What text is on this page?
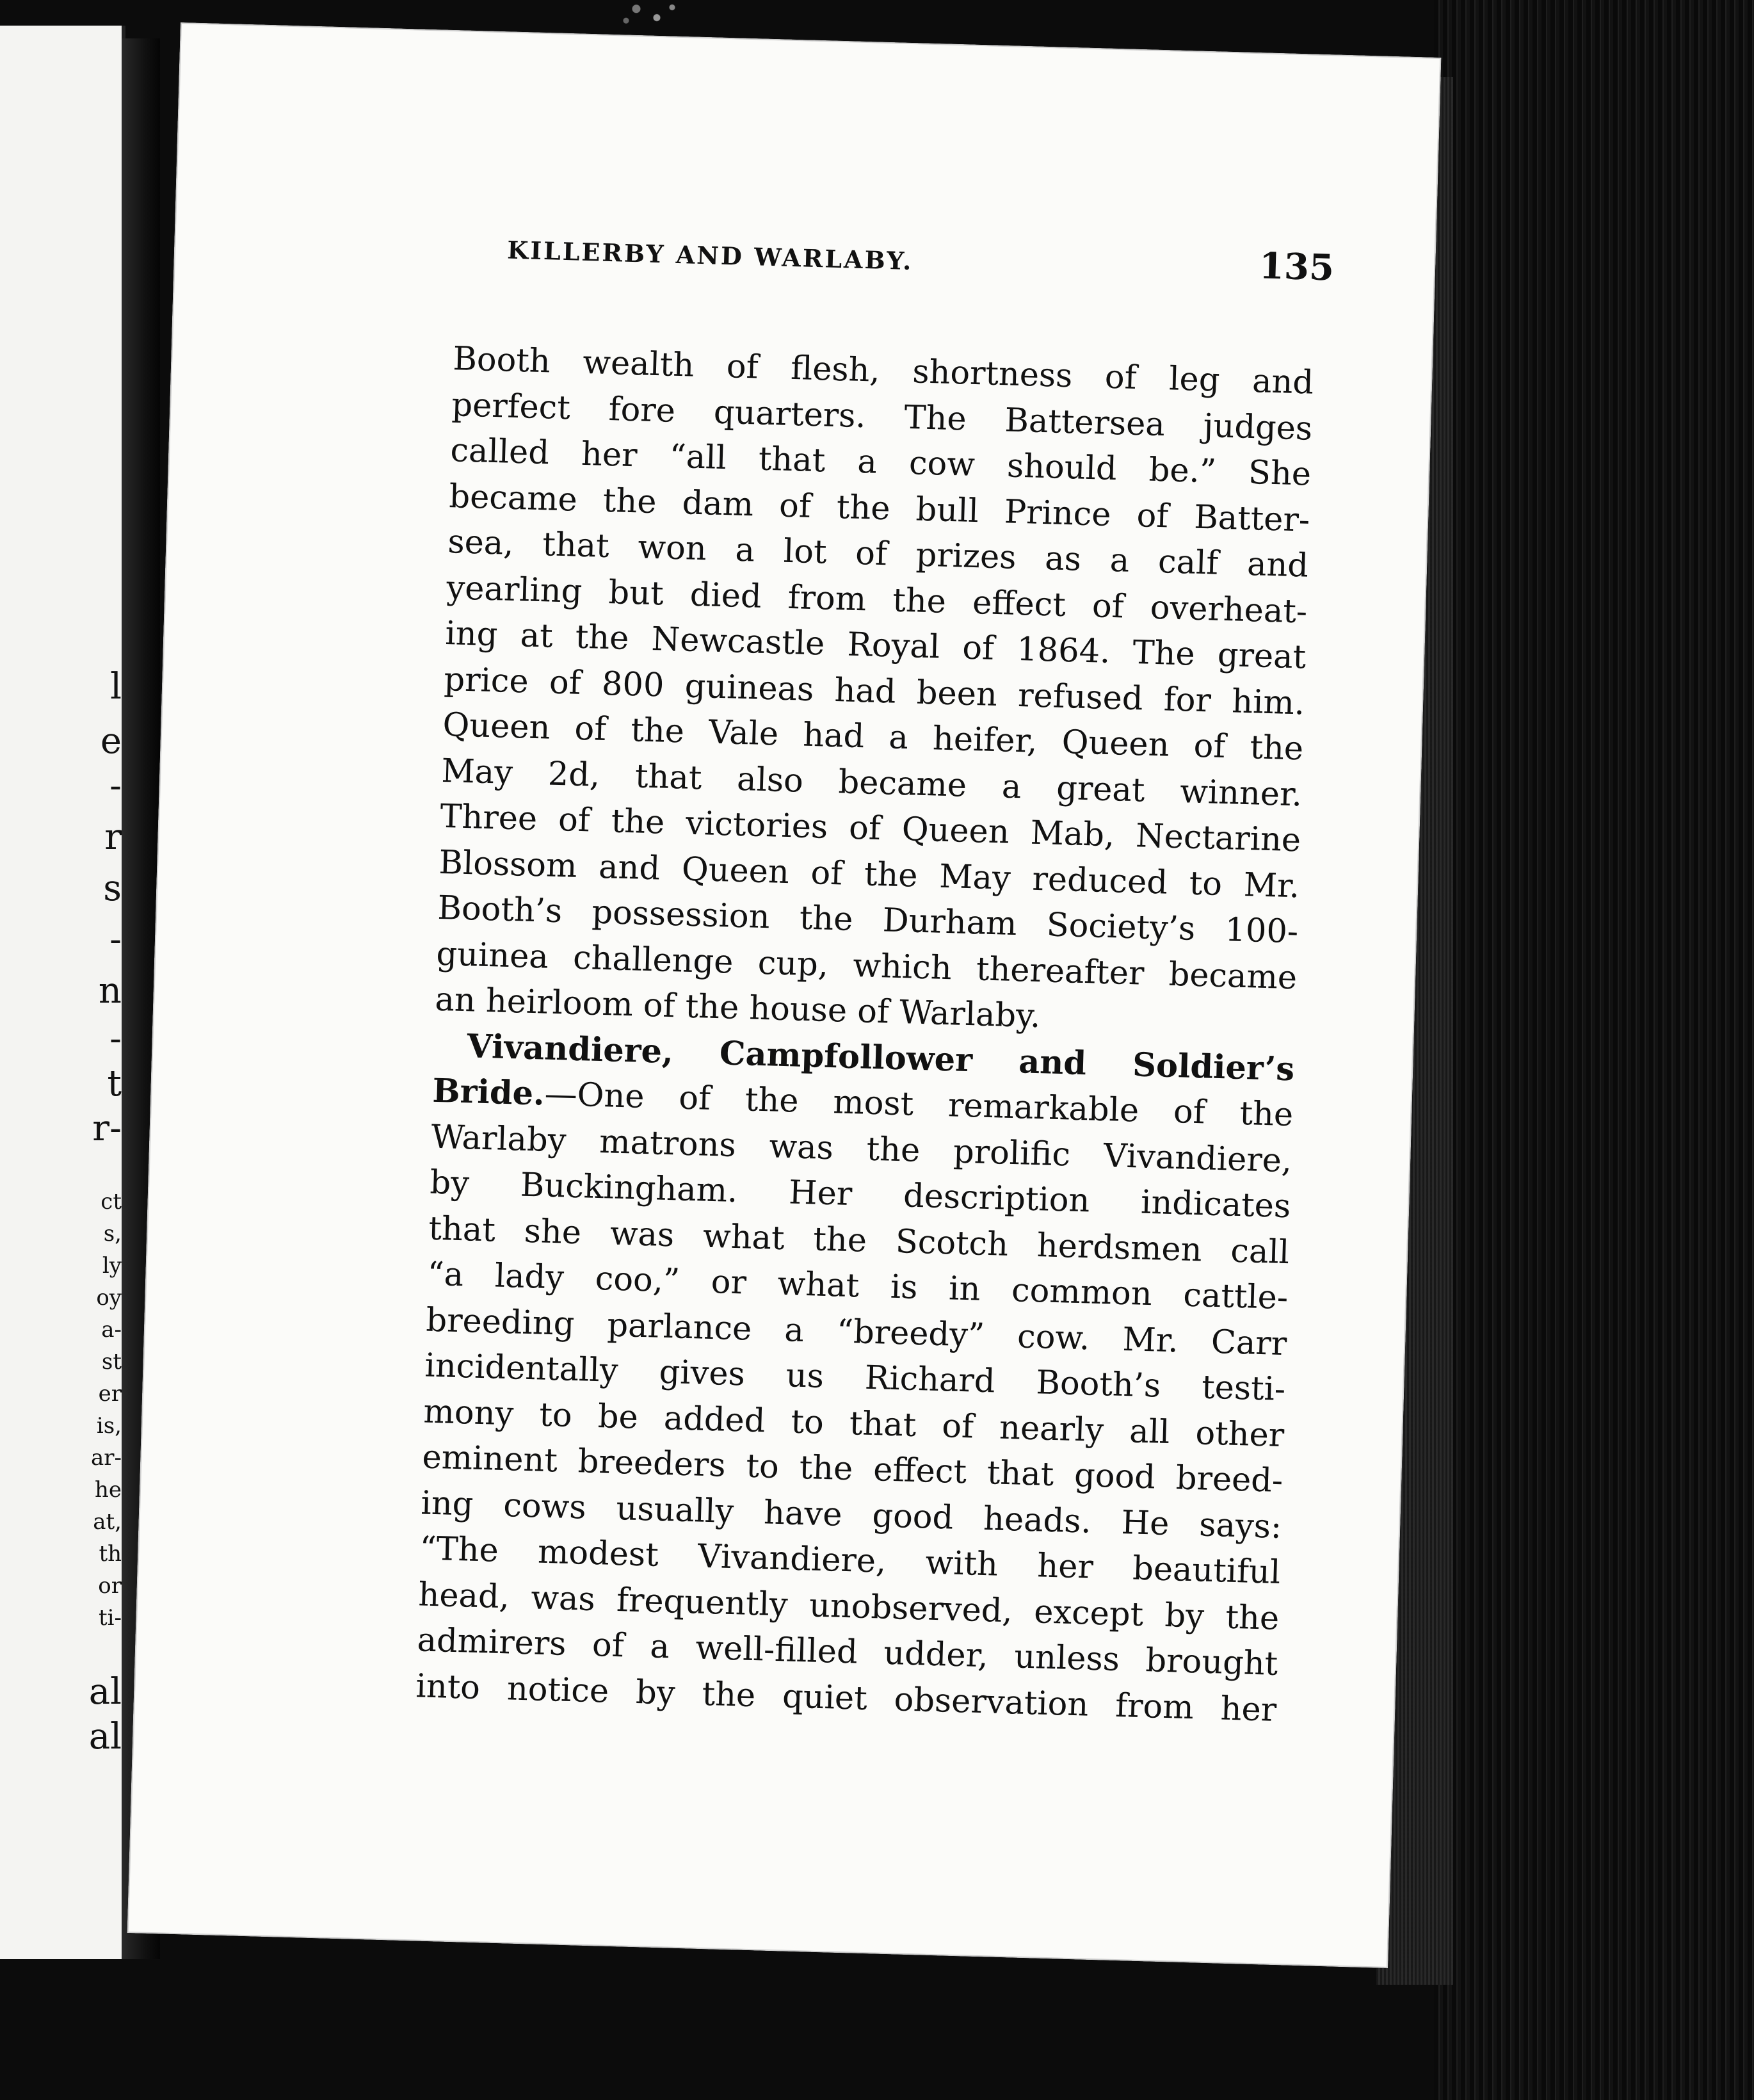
l
e
-
r
s
-
n
-
t
r-
ct
s,
ly
oy
a-
st
er
is,
ar-
he
at,
th
or
ti-
al
al
KILLERBY AND WARLABY.	135
Booth wealth of flesh, shortness of leg and
perfect fore quarters. The Battersea judges
called her “all that a cow should be.” She
became the dam of the bull Prince of Batter-
sea, that won a lot of prizes as a calf and
yearling but died from the effect of overheat-
ing at the Newcastle Royal of 1864. The great
price of 800 guineas had been refused for him.
Queen of the Vale had a heifer, Queen of the
May 2d, that also became a great winner.
Three of the victories of Queen Mab, Nectarine
Blossom and Queen of the May reduced to Mr.
Booth’s possession the Durham Society’s 100-
guinea challenge cup, which thereafter became
an heirloom of the house of Warlaby.
Vivandiere, Campfollower and Soldier’s
Bride.—One of the most remarkable of the
Warlaby matrons was the prolific Vivandiere,
by Buckingham. Her description indicates
that she was what the Scotch herdsmen call
“a lady coo,” or what is in common cattle-
breeding parlance a “breedy” cow. Mr. Carr
incidentally gives us Richard Booth’s testi-
mony to be added to that of nearly all other
eminent breeders to the effect that good breed-
ing cows usually have good heads. He says:
“The modest Vivandiere, with her beautiful
head, was frequently unobserved, except by the
admirers of a well-filled udder, unless brought
into notice by the quiet observation from her
